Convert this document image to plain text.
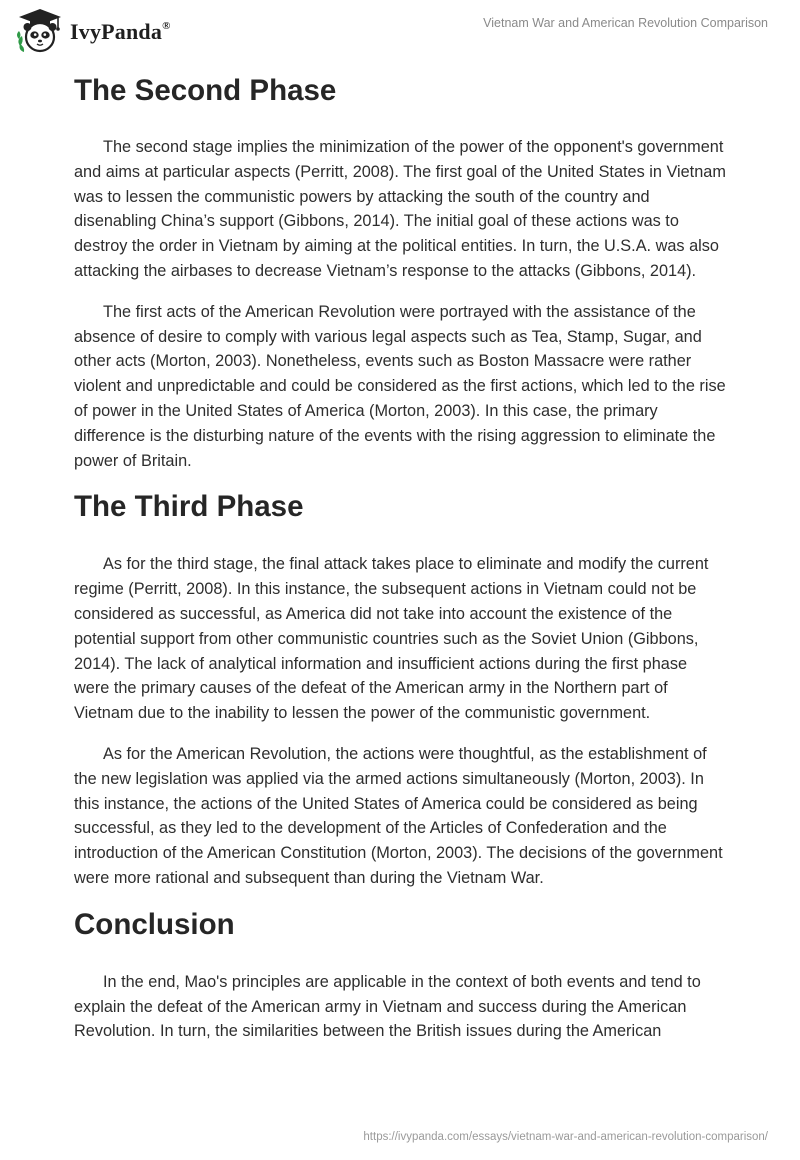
IvyPanda®	Vietnam War and American Revolution Comparison
The Second Phase

The second stage implies the minimization of the power of the opponent's government and aims at particular aspects (Perritt, 2008). The first goal of the United States in Vietnam was to lessen the communistic powers by attacking the south of the country and disenabling China’s support (Gibbons, 2014). The initial goal of these actions was to destroy the order in Vietnam by aiming at the political entities. In turn, the U.S.A. was also attacking the airbases to decrease Vietnam’s response to the attacks (Gibbons, 2014).

The first acts of the American Revolution were portrayed with the assistance of the absence of desire to comply with various legal aspects such as Tea, Stamp, Sugar, and other acts (Morton, 2003). Nonetheless, events such as Boston Massacre were rather violent and unpredictable and could be considered as the first actions, which led to the rise of power in the United States of America (Morton, 2003). In this case, the primary difference is the disturbing nature of the events with the rising aggression to eliminate the power of Britain.

The Third Phase

As for the third stage, the final attack takes place to eliminate and modify the current regime (Perritt, 2008). In this instance, the subsequent actions in Vietnam could not be considered as successful, as America did not take into account the existence of the potential support from other communistic countries such as the Soviet Union (Gibbons, 2014). The lack of analytical information and insufficient actions during the first phase were the primary causes of the defeat of the American army in the Northern part of Vietnam due to the inability to lessen the power of the communistic government.

As for the American Revolution, the actions were thoughtful, as the establishment of the new legislation was applied via the armed actions simultaneously (Morton, 2003). In this instance, the actions of the United States of America could be considered as being successful, as they led to the development of the Articles of Confederation and the introduction of the American Constitution (Morton, 2003). The decisions of the government were more rational and subsequent than during the Vietnam War.

Conclusion

In the end, Mao's principles are applicable in the context of both events and tend to explain the defeat of the American army in Vietnam and success during the American Revolution. In turn, the similarities between the British issues during the American

https://ivypanda.com/essays/vietnam-war-and-american-revolution-comparison/
